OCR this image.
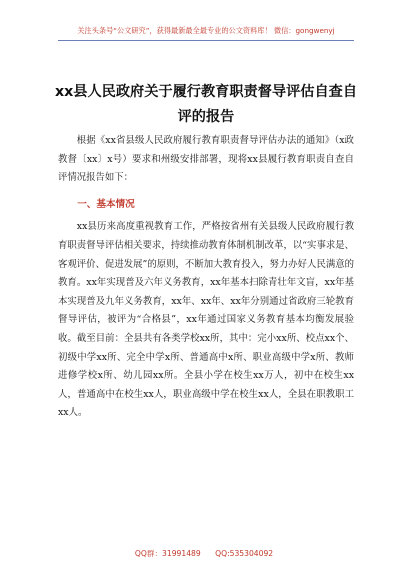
关注头条号“公文研究”，获得最新最全最专业的公文资料库！ 微信：gongwenyj
xx县人民政府关于履行教育职责督导评估自查自评的报告

根据《xx省县级人民政府履行教育职责督导评估办法的通知》（x政教督〔xx〕x号）要求和州级安排部署，现将xx县履行教育职责自查自评情况报告如下：

一、基本情况

xx县历来高度重视教育工作，严格按省州有关县级人民政府履行教育职责督导评估相关要求，持续推动教育体制机制改革，以“实事求是、客观评价、促进发展”的原则，不断加大教育投入，努力办好人民满意的教育。xx年实现普及六年义务教育，xx年基本扫除青壮年文盲，xx年基本实现普及九年义务教育，xx年、xx年、xx年分别通过省政府三轮教育督导评估，被评为“合格县”，xx年通过国家义务教育基本均衡发展验收。截至目前：全县共有各类学校xx所，其中：完小xx所、校点xx个、初级中学xx所、完全中学x所、普通高中x所、职业高级中学x所、教师进修学校x所、幼儿园xx所。全县小学在校生xx万人，初中在校生xx人，普通高中在校生xx人，职业高级中学在校生xx人，全县在职教职工xx人。

QQ群：31991489 QQ:535304092
